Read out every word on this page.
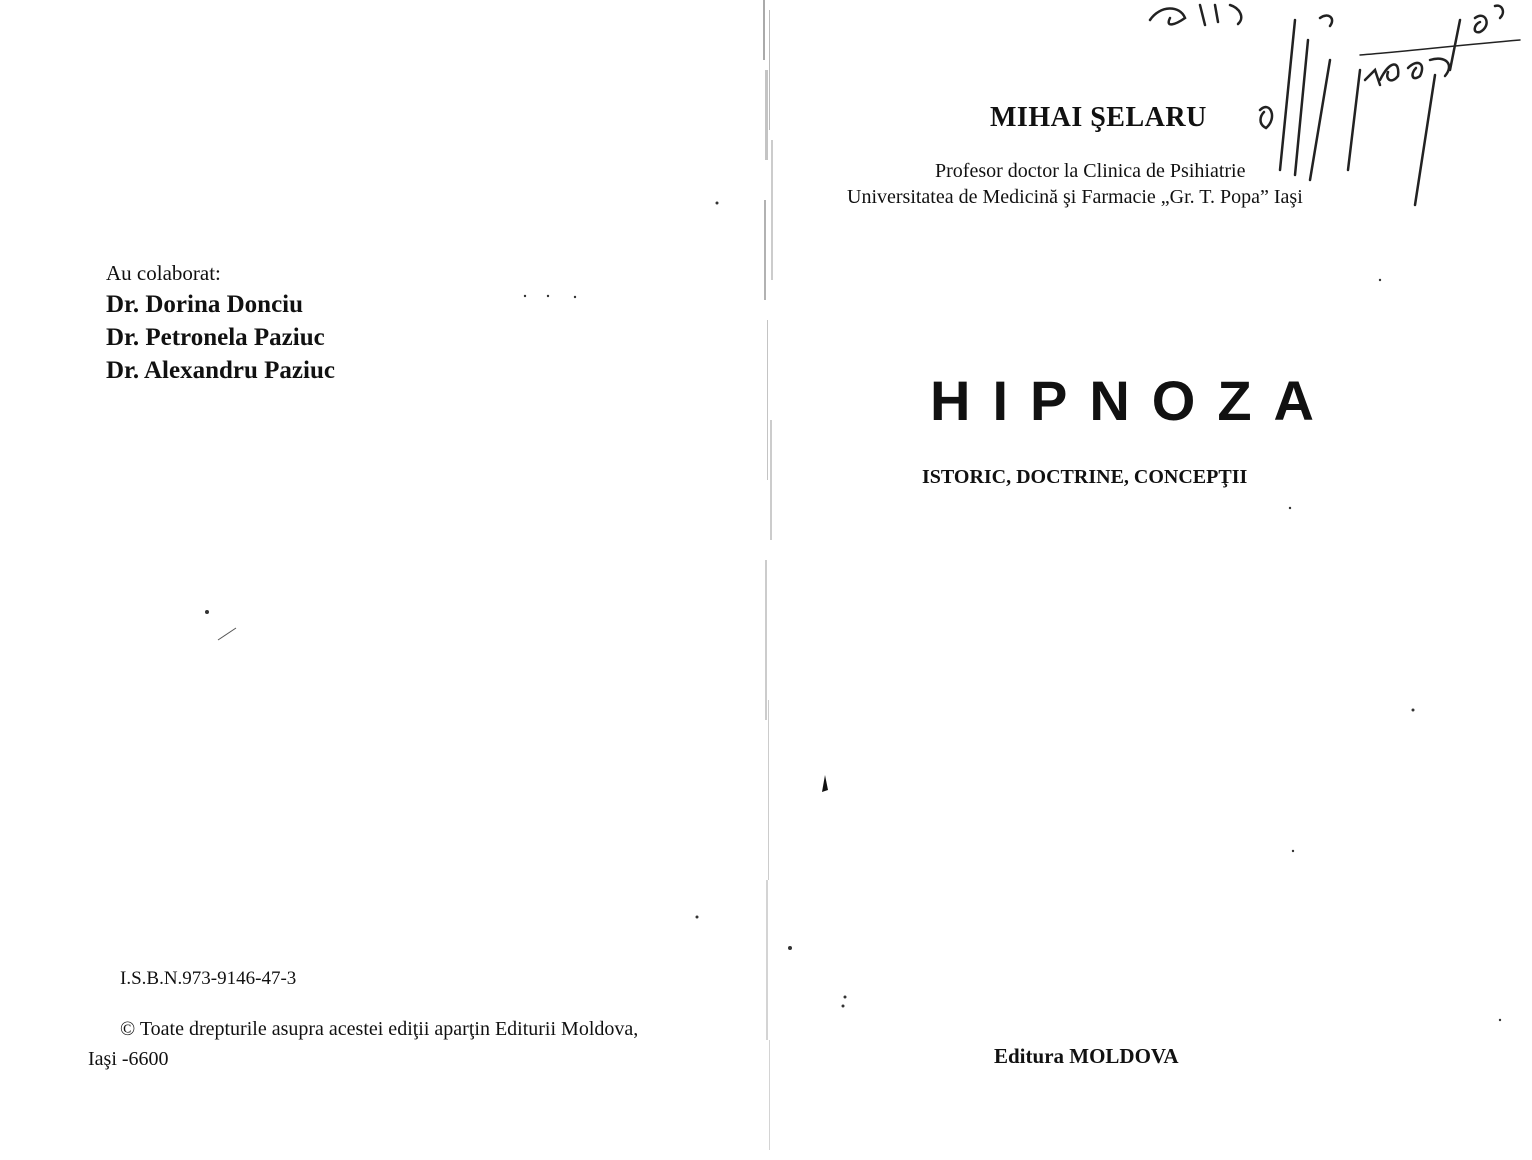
Au colaborat:
Dr. Dorina Donciu
Dr. Petronela Paziuc
Dr. Alexandru Paziuc
I.S.B.N.973-9146-47-3
© Toate drepturile asupra acestei ediţii aparţin Editurii Moldova,
Iaşi -6600
MIHAI ŞELARU
Profesor doctor la Clinica de Psihiatrie
Universitatea de Medicină şi Farmacie „Gr. T. Popa” Iaşi
HIPNOZA
ISTORIC, DOCTRINE, CONCEPŢII
Editura MOLDOVA
